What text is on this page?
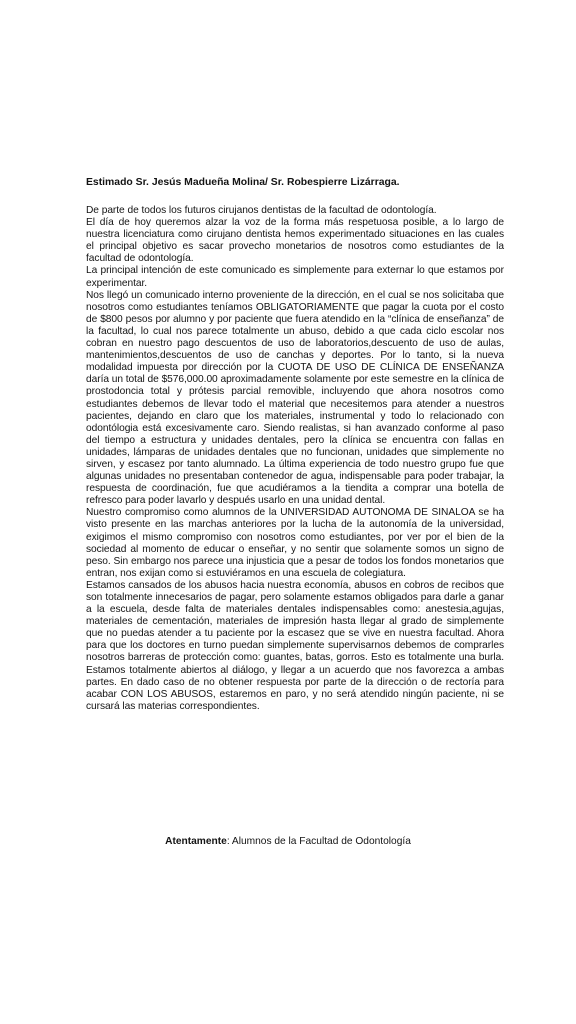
Estimado Sr. Jesús Madueña Molina/ Sr. Robespierre Lizárraga.

De parte de todos los futuros cirujanos dentistas de la facultad de odontología.

El día de hoy queremos alzar la voz de la forma más respetuosa posible, a lo largo de nuestra licenciatura como cirujano dentista hemos experimentado situaciones en las cuales el principal objetivo es sacar provecho monetarios de nosotros como estudiantes de la facultad de odontología.

La principal intención de este comunicado es simplemente para externar lo que estamos por experimentar.

Nos llegó un comunicado interno proveniente de la dirección, en el cual se nos solicitaba que nosotros como estudiantes teníamos OBLIGATORIAMENTE que pagar la cuota por el costo de $800 pesos por alumno y por paciente que fuera atendido en la “clínica de enseñanza” de la facultad, lo cual nos parece totalmente un abuso, debido a que cada ciclo escolar nos cobran en nuestro pago descuentos de uso de laboratorios,descuento de uso de aulas, mantenimientos,descuentos de uso de canchas y deportes. Por lo tanto, si la nueva modalidad impuesta por dirección por la CUOTA DE USO DE CLÍNICA DE ENSEÑANZA daría un total de $576,000.00 aproximadamente solamente por este semestre en la clínica de prostodoncia total y prótesis parcial removible, incluyendo que ahora nosotros como estudiantes debemos de llevar todo el material que necesitemos para atender a nuestros pacientes, dejando en claro que los materiales, instrumental y todo lo relacionado con odontólogia está excesivamente caro. Siendo realistas, si han avanzado conforme al paso del tiempo a estructura y unidades dentales, pero la clínica se encuentra con fallas en unidades, lámparas de unidades dentales que no funcionan, unidades que simplemente no sirven, y escasez por tanto alumnado. La última experiencia de todo nuestro grupo fue que algunas unidades no presentaban contenedor de agua, indispensable para poder trabajar, la respuesta de coordinación, fue que acudiéramos a la tiendita a comprar una botella de refresco para poder lavarlo y después usarlo en una unidad dental.

Nuestro compromiso como alumnos de la UNIVERSIDAD AUTONOMA DE SINALOA se ha visto presente en las marchas anteriores por la lucha de la autonomía de la universidad, exigimos el mismo compromiso con nosotros como estudiantes, por ver por el bien de la sociedad al momento de educar o enseñar, y no sentir que solamente somos un signo de peso. Sin embargo nos parece una injusticia que a pesar de todos los fondos monetarios que entran, nos exijan como si estuviéramos en una escuela de colegiatura.

Estamos cansados de los abusos hacia nuestra economía, abusos en cobros de recibos que son totalmente innecesarios de pagar, pero solamente estamos obligados para darle a ganar a la escuela, desde falta de materiales dentales indispensables como: anestesia,agujas, materiales de cementación, materiales de impresión hasta llegar al grado de simplemente que no puedas atender a tu paciente por la escasez que se vive en nuestra facultad. Ahora para que los doctores en turno puedan simplemente supervisarnos debemos de comprarles nosotros barreras de protección como: guantes, batas, gorros. Esto es totalmente una burla. Estamos totalmente abiertos al diálogo, y llegar a un acuerdo que nos favorezca a ambas partes. En dado caso de no obtener respuesta por parte de la dirección o de rectoría para acabar CON LOS ABUSOS, estaremos en paro, y no será atendido ningún paciente, ni se cursará las materias correspondientes.

Atentamente: Alumnos de la Facultad de Odontología
